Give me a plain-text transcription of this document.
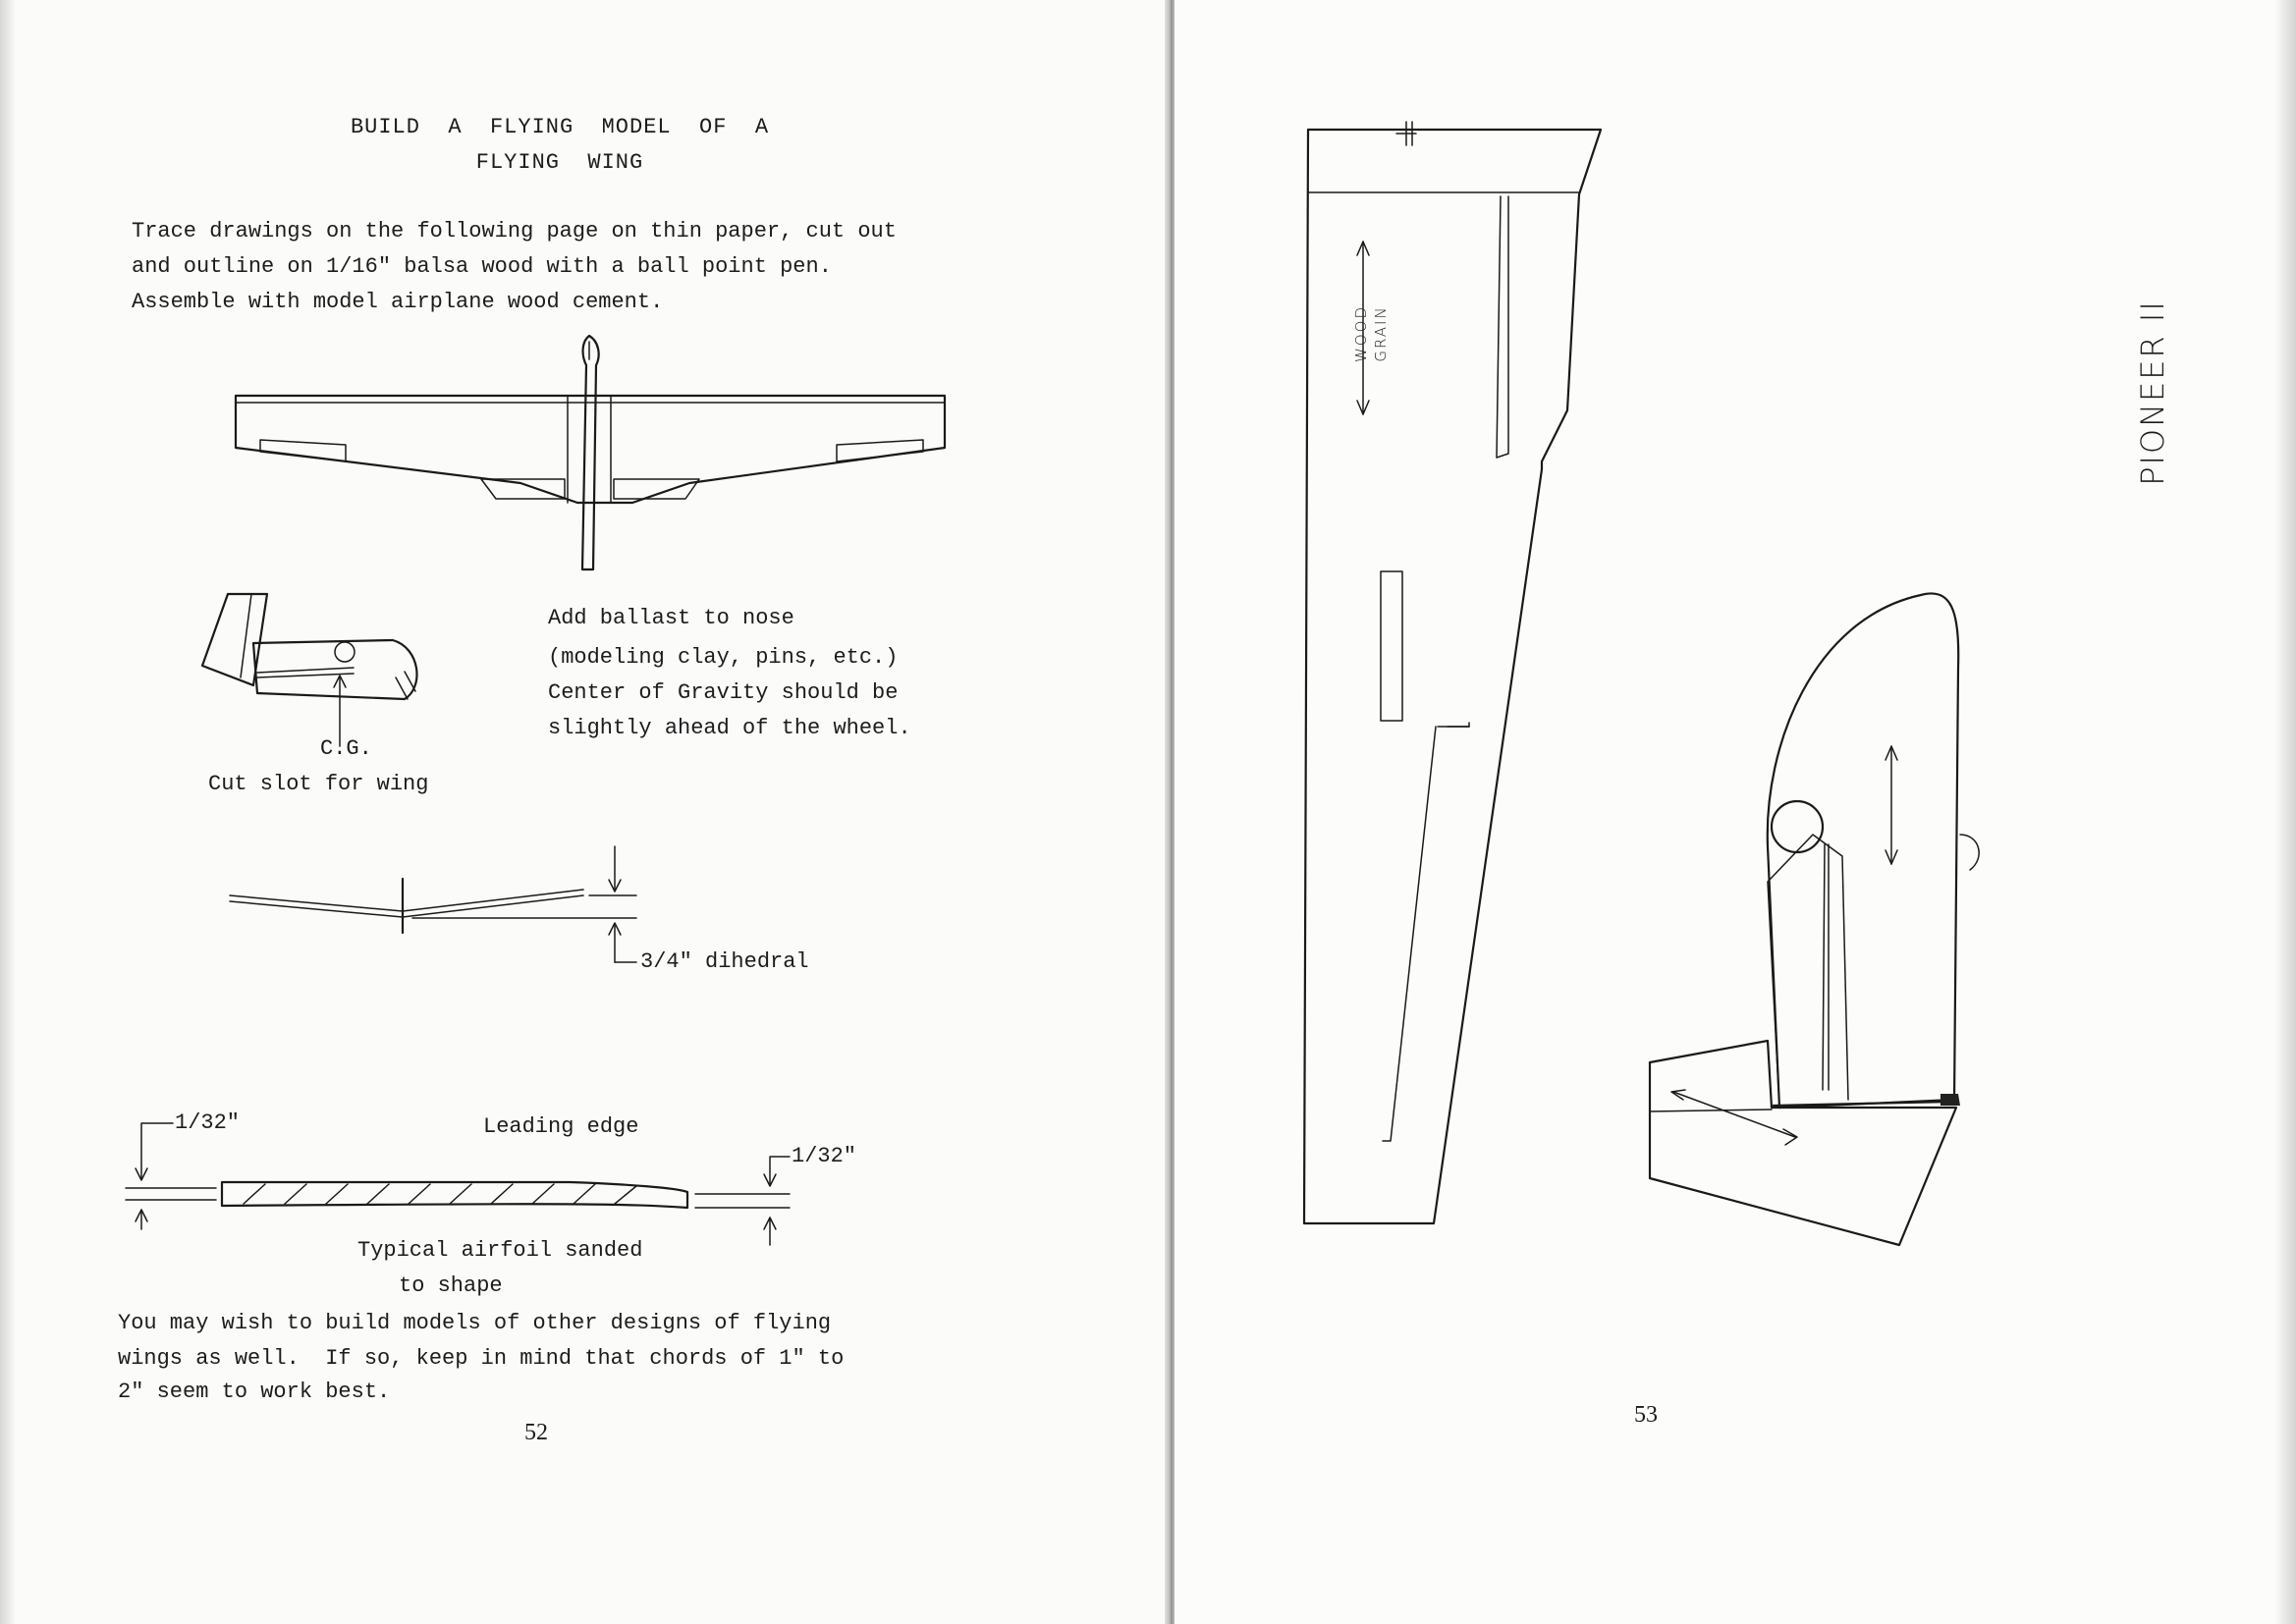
BUILD  A  FLYING  MODEL  OF  A

FLYING  WING

Trace drawings on the following page on thin paper, cut out

and outline on 1/16" balsa wood with a ball point pen.

Assemble with model airplane wood cement.

C.G.

Cut slot for wing

Add ballast to nose

(modeling clay, pins, etc.)

Center of Gravity should be

slightly ahead of the wheel.

3/4" dihedral

1/32"	Leading edge

1/32"

Typical airfoil sanded

to shape

You may wish to build models of other designs of flying

wings as well.  If so, keep in mind that chords of 1" to

2" seem to work best.

52
WOOD GRAIN	PIONEER II
53
